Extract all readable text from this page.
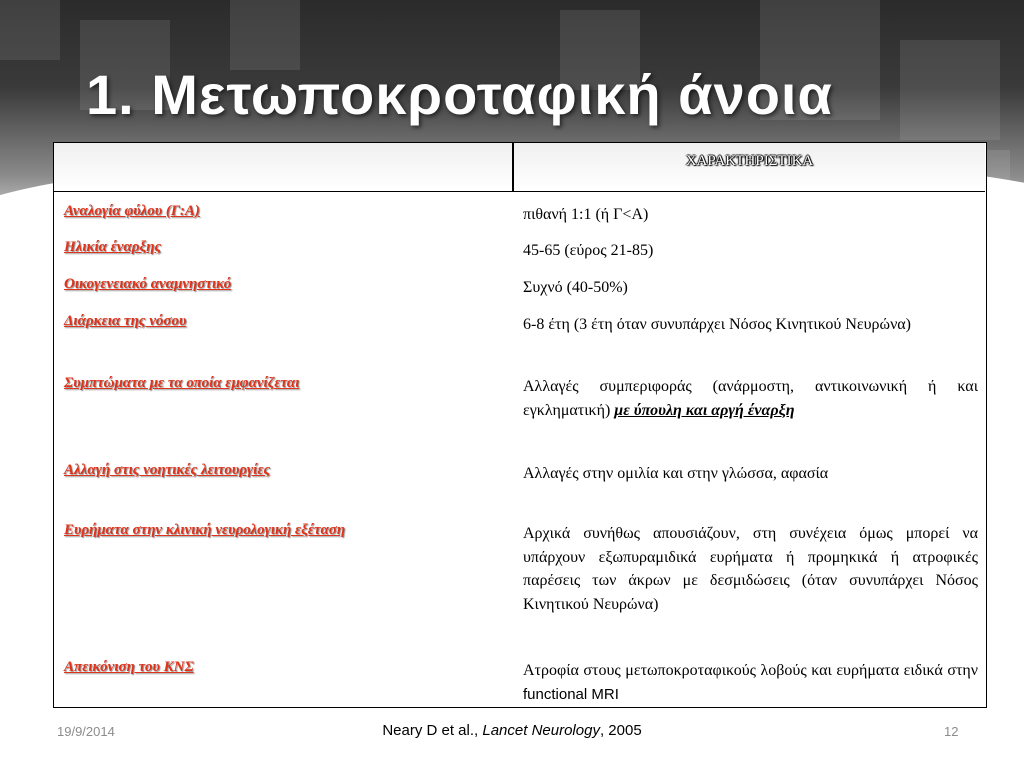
1. Μετωποκροταφική άνοια
ΧΑΡΑΚΤΗΡΙΣΤΙΚΑ
Αναλογία φύλου (Γ:Α)	πιθανή 1:1 (ή Γ<Α)
Ηλικία έναρξης	45-65 (εύρος 21-85)
Οικογενειακό αναμνηστικό	Συχνό (40-50%)
Διάρκεια της νόσου	6-8 έτη (3 έτη όταν συνυπάρχει Νόσος Κινητικού Νευρώνα)
Συμπτώματα με τα οποία εμφανίζεται	Αλλαγές συμπεριφοράς (ανάρμοστη, αντικοινωνική ή και εγκληματική) με ύπουλη και αργή έναρξη
Αλλαγή στις νοητικές λειτουργίες	Αλλαγές στην ομιλία και στην γλώσσα, αφασία
Ευρήματα στην κλινική νευρολογική εξέταση	Αρχικά συνήθως απουσιάζουν, στη συνέχεια όμως μπορεί να υπάρχουν εξωπυραμιδικά ευρήματα ή προμηκικά ή ατροφικές παρέσεις των άκρων με δεσμιδώσεις (όταν συνυπάρχει Νόσος Κινητικού Νευρώνα)
Απεικόνιση του ΚΝΣ	Ατροφία στους μετωποκροταφικούς λοβούς και ευρήματα ειδικά στην functional MRI
19/9/2014	Neary D et al., Lancet Neurology, 2005	12
